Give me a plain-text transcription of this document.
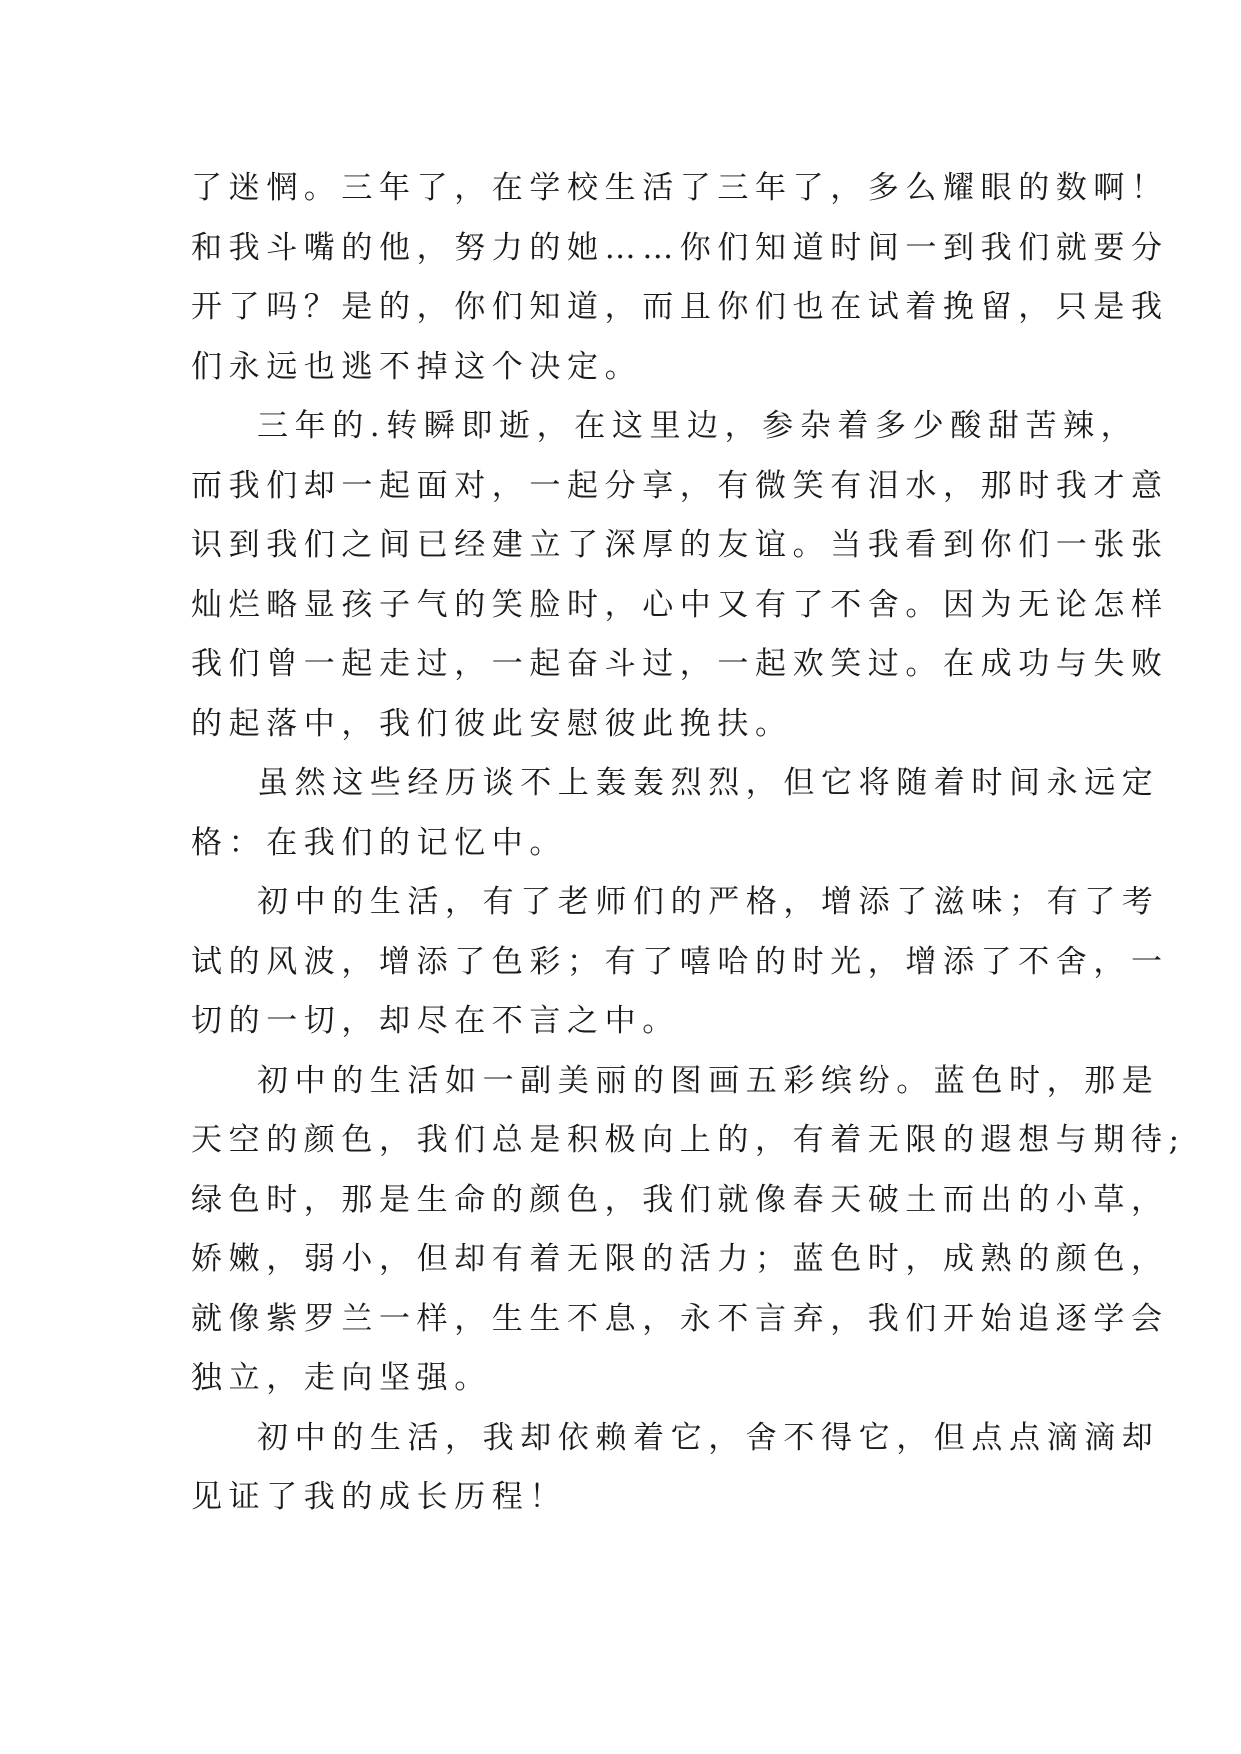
了迷惘。三年了，在学校生活了三年了，多么耀眼的数啊！
和我斗嘴的他，努力的她……你们知道时间一到我们就要分
开了吗？是的，你们知道，而且你们也在试着挽留，只是我
们永远也逃不掉这个决定。
三年的.转瞬即逝，在这里边，参杂着多少酸甜苦辣，
而我们却一起面对，一起分享，有微笑有泪水，那时我才意
识到我们之间已经建立了深厚的友谊。当我看到你们一张张
灿烂略显孩子气的笑脸时，心中又有了不舍。因为无论怎样
我们曾一起走过，一起奋斗过，一起欢笑过。在成功与失败
的起落中，我们彼此安慰彼此挽扶。
虽然这些经历谈不上轰轰烈烈，但它将随着时间永远定
格：在我们的记忆中。
初中的生活，有了老师们的严格，增添了滋味；有了考
试的风波，增添了色彩；有了嘻哈的时光，增添了不舍，一
切的一切，却尽在不言之中。
初中的生活如一副美丽的图画五彩缤纷。蓝色时，那是
天空的颜色，我们总是积极向上的，有着无限的遐想与期待;
绿色时，那是生命的颜色，我们就像春天破土而出的小草，
娇嫩，弱小，但却有着无限的活力；蓝色时，成熟的颜色，
就像紫罗兰一样，生生不息，永不言弃，我们开始追逐学会
独立，走向坚强。
初中的生活，我却依赖着它，舍不得它，但点点滴滴却
见证了我的成长历程！
